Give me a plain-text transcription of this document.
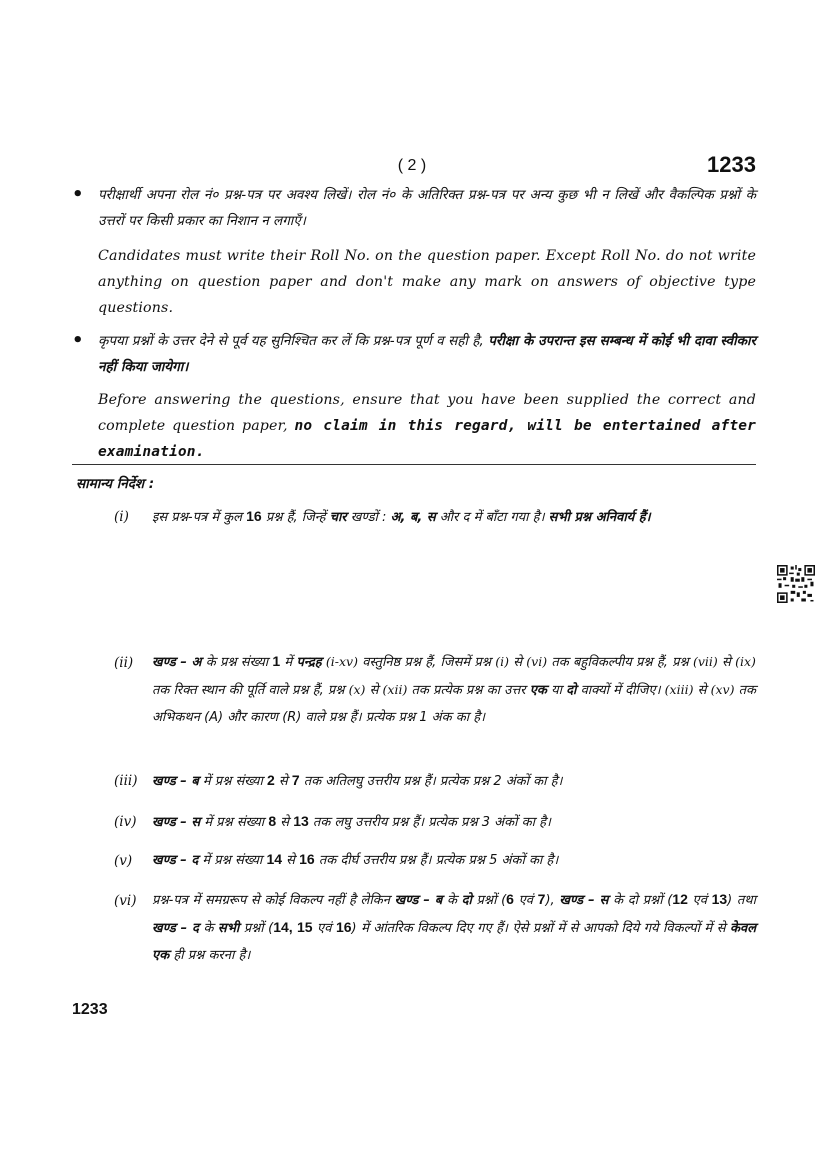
( 2 )	1233
• परीक्षार्थी अपना रोल नं० प्रश्न-पत्र पर अवश्य लिखें। रोल नं० के अतिरिक्त प्रश्न-पत्र पर अन्य कुछ भी न लिखें और वैकल्पिक प्रश्नों के उत्तरों पर किसी प्रकार का निशान न लगाएँ।
Candidates must write their Roll No. on the question paper. Except Roll No. do not write anything on question paper and don't make any mark on answers of objective type questions.
• कृपया प्रश्नों के उत्तर देने से पूर्व यह सुनिश्चित कर लें कि प्रश्न-पत्र पूर्ण व सही है, परीक्षा के उपरान्त इस सम्बन्ध में कोई भी दावा स्वीकार नहीं किया जायेगा।
Before answering the questions, ensure that you have been supplied the correct and complete question paper, no claim in this regard, will be entertained after examination.
सामान्य निर्देश :
(i) इस प्रश्न-पत्र में कुल 16 प्रश्न हैं, जिन्हें चार खण्डों : अ, ब, स और द में बाँटा गया है। सभी प्रश्न अनिवार्य हैं।
(ii) खण्ड – अ के प्रश्न संख्या 1 में पन्द्रह (i-xv) वस्तुनिष्ठ प्रश्न हैं, जिसमें प्रश्न (i) से (vi) तक बहुविकल्पीय प्रश्न हैं, प्रश्न (vii) से (ix) तक रिक्त स्थान की पूर्ति वाले प्रश्न हैं, प्रश्न (x) से (xii) तक प्रत्येक प्रश्न का उत्तर एक या दो वाक्यों में दीजिए। (xiii) से (xv) तक अभिकथन (A) और कारण (R) वाले प्रश्न हैं। प्रत्येक प्रश्न 1 अंक का है।
(iii) खण्ड – ब में प्रश्न संख्या 2 से 7 तक अतिलघु उत्तरीय प्रश्न हैं। प्रत्येक प्रश्न 2 अंकों का है।
(iv) खण्ड – स में प्रश्न संख्या 8 से 13 तक लघु उत्तरीय प्रश्न हैं। प्रत्येक प्रश्न 3 अंकों का है।
(v) खण्ड – द में प्रश्न संख्या 14 से 16 तक दीर्घ उत्तरीय प्रश्न हैं। प्रत्येक प्रश्न 5 अंकों का है।
(vi) प्रश्न-पत्र में समग्ररूप से कोई विकल्प नहीं है लेकिन खण्ड – ब के दो प्रश्नों (6 एवं 7), खण्ड – स के दो प्रश्नों (12 एवं 13) तथा खण्ड – द के सभी प्रश्नों (14, 15 एवं 16) में आंतरिक विकल्प दिए गए हैं। ऐसे प्रश्नों में से आपको दिये गये विकल्पों में से केवल एक ही प्रश्न करना है।
1233
